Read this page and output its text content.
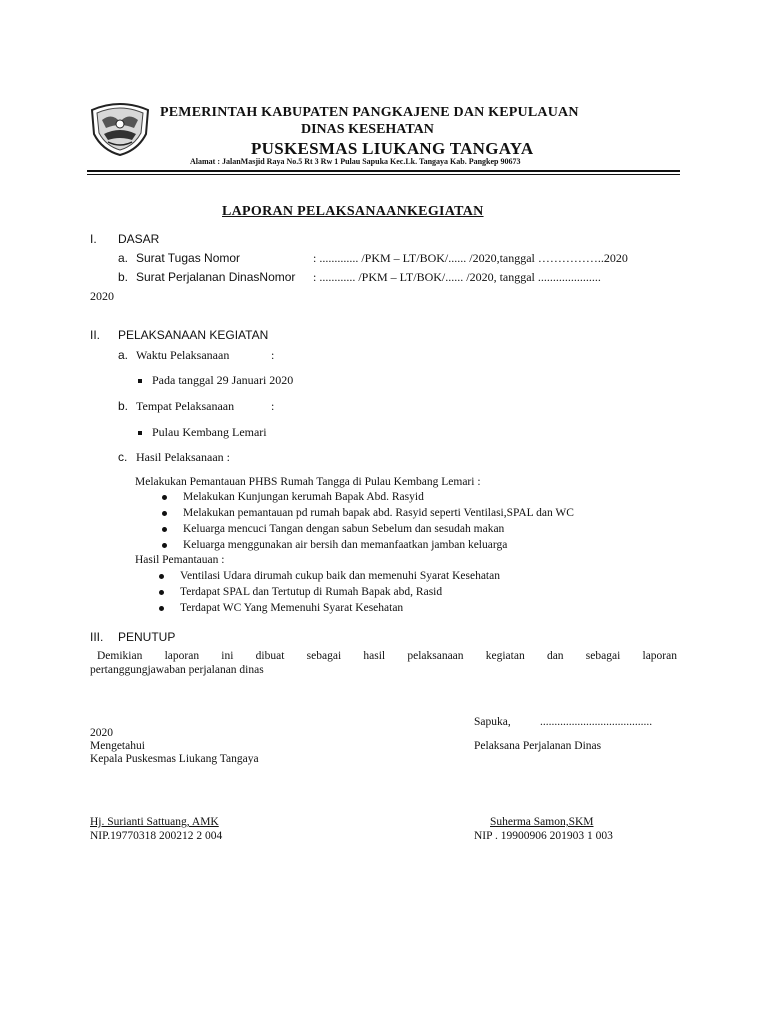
PEMERINTAH KABUPATEN PANGKAJENE DAN KEPULAUAN
DINAS KESEHATAN
PUSKESMAS LIUKANG TANGAYA
Alamat : JalanMasjid Raya No.5 Rt 3 Rw 1 Pulau Sapuka Kec.Lk. Tangaya Kab. Pangkep 90673
LAPORAN PELAKSANAANKEGIATAN
I. DASAR
a. Surat Tugas Nomor	: ............. /PKM – LT/BOK/...... /2020,tanggal ……………..2020
b. Surat Perjalanan DinasNomor : ............ /PKM – LT/BOK/...... /2020, tanggal .....................
2020
II. PELAKSANAAN KEGIATAN
a. Waktu Pelaksanaan	:
Pada tanggal 29 Januari 2020
b. Tempat Pelaksanaan	:
Pulau Kembang Lemari
c. Hasil Pelaksanaan :
Melakukan Pemantauan PHBS Rumah Tangga di Pulau Kembang Lemari :
Melakukan Kunjungan kerumah Bapak Abd. Rasyid
Melakukan pemantauan pd rumah bapak abd. Rasyid seperti Ventilasi,SPAL dan WC
Keluarga mencuci Tangan dengan sabun Sebelum dan sesudah makan
Keluarga menggunakan air bersih dan memanfaatkan jamban keluarga
Hasil Pemantauan :
Ventilasi Udara dirumah cukup baik dan memenuhi Syarat Kesehatan
Terdapat SPAL dan Tertutup di Rumah Bapak abd, Rasid
Terdapat WC Yang Memenuhi Syarat Kesehatan
III. PENUTUP
Demikian laporan ini dibuat sebagai hasil pelaksanaan kegiatan dan sebagai laporan
pertanggungjawaban perjalanan dinas
Sapuka,	.......................................
2020
Mengetahui
Kepala Puskesmas Liukang Tangaya
Pelaksana Perjalanan Dinas
Hj. Surianti Sattuang, AMK
NIP.19770318 200212 2 004
Suherma Samon,SKM
NIP . 19900906 201903 1 003
